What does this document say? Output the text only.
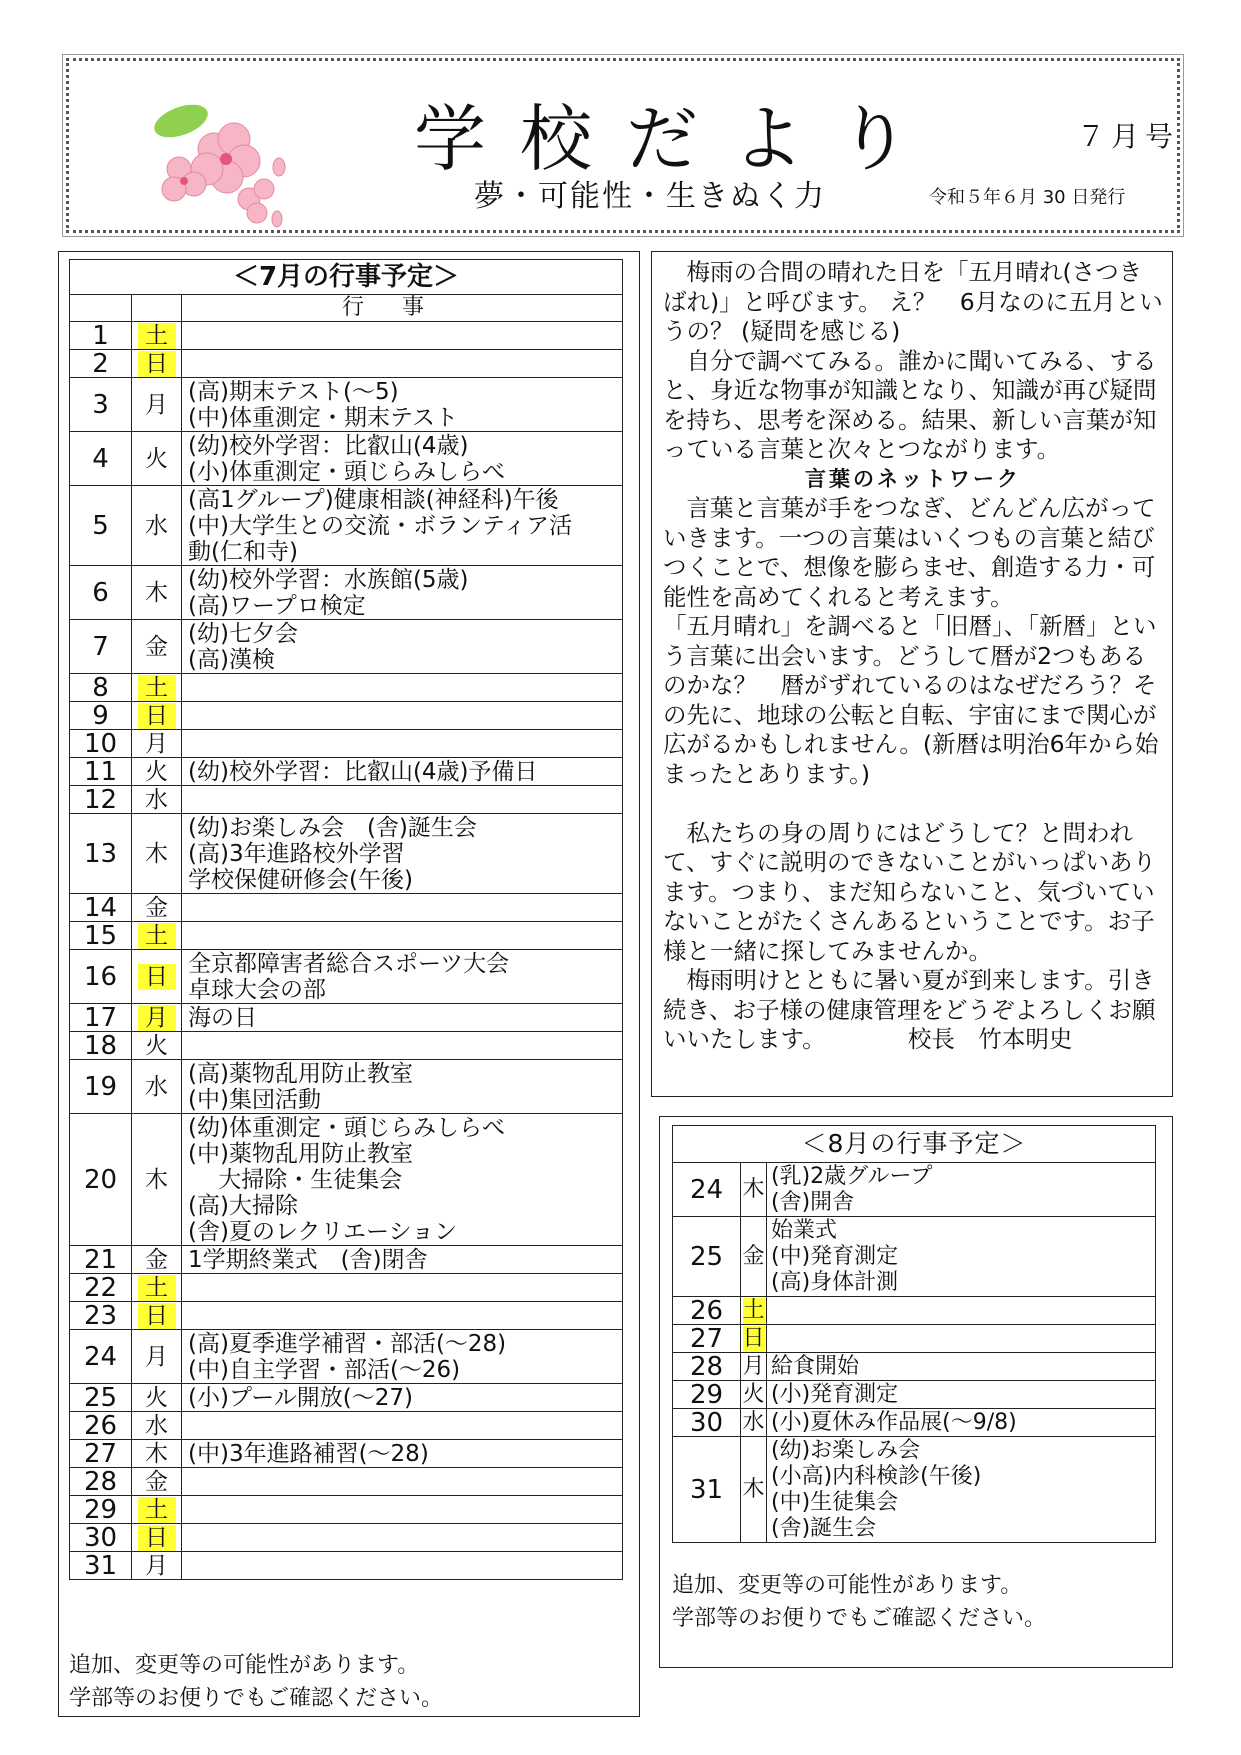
学校だより	７月号
夢・可能性・生きぬく力	令和５年６月 30 日発行
＜7月の行事予定＞		
		行事
1	土	
2	日	
3	月	(高)期末テスト(～5)
(中)体重測定・期末テスト
4	火	(幼)校外学習：比叡山(4歳)
(小)体重測定・頭じらみしらべ
5	水	(高1グループ)健康相談(神経科)午後
(中)大学生との交流・ボランティア活
動(仁和寺)
6	木	(幼)校外学習：水族館(5歳)
(高)ワープロ検定
7	金	(幼)七夕会
(高)漢検
8	土	
9	日	
10	月	
11	火	(幼)校外学習：比叡山(4歳)予備日
12	水	
13	木	(幼)お楽しみ会　(舎)誕生会
(高)3年進路校外学習
学校保健研修会(午後)
14	金	
15	土	
16	日	全京都障害者総合スポーツ大会
卓球大会の部
17	月	海の日
18	火	
19	水	(高)薬物乱用防止教室
(中)集団活動
20	木	(幼)体重測定・頭じらみしらべ
(中)薬物乱用防止教室
　 大掃除・生徒集会
(高)大掃除
(舎)夏のレクリエーション
21	金	1学期終業式　(舎)閉舎
22	土	
23	日	
24	月	(高)夏季進学補習・部活(～28)
(中)自主学習・部活(～26)
25	火	(小)プール開放(～27)
26	水	
27	木	(中)3年進路補習(～28)
28	金	
29	土	
30	日	
31	月	
追加、変更等の可能性があります。
学部等のお便りでもご確認ください。
　梅雨の合間の晴れた日を「五月晴れ(さつきばれ)」と呼びます。 え？　6月なのに五月というの？ (疑問を感じる)
　自分で調べてみる。誰かに聞いてみる、すると、身近な物事が知識となり、知識が再び疑問を持ち、思考を深める。結果、新しい言葉が知っている言葉と次々とつながります。

言葉のネットワーク
　言葉と言葉が手をつなぎ、どんどん広がっていきます。一つの言葉はいくつもの言葉と結びつくことで、想像を膨らませ、創造する力・可能性を高めてくれると考えます。
「五月晴れ」を調べると「旧暦」、「新暦」という言葉に出会います。どうして暦が2つもあるのかな？　暦がずれているのはなぜだろう？その先に、地球の公転と自転、宇宙にまで関心が広がるかもしれません。(新暦は明治6年から始まったとあります。)

　私たちの身の周りにはどうして？と問われて、すぐに説明のできないことがいっぱいあります。つまり、まだ知らないこと、気づいていないことがたくさんあるということです。お子様と一緒に探してみませんか。
　梅雨明けとともに暑い夏が到来します。引き続き、お子様の健康管理をどうぞよろしくお願いいたします。　　　　校長　竹本明史
＜8月の行事予定＞		
24	木	(乳)2歳グループ
(舎)開舎
25	金	始業式
(中)発育測定
(高)身体計測
26	土	
27	日	
28	月	給食開始
29	火	(小)発育測定
30	水	(小)夏休み作品展(～9/8)
31	木	(幼)お楽しみ会
(小高)内科検診(午後)
(中)生徒集会
(舎)誕生会
追加、変更等の可能性があります。
学部等のお便りでもご確認ください。
